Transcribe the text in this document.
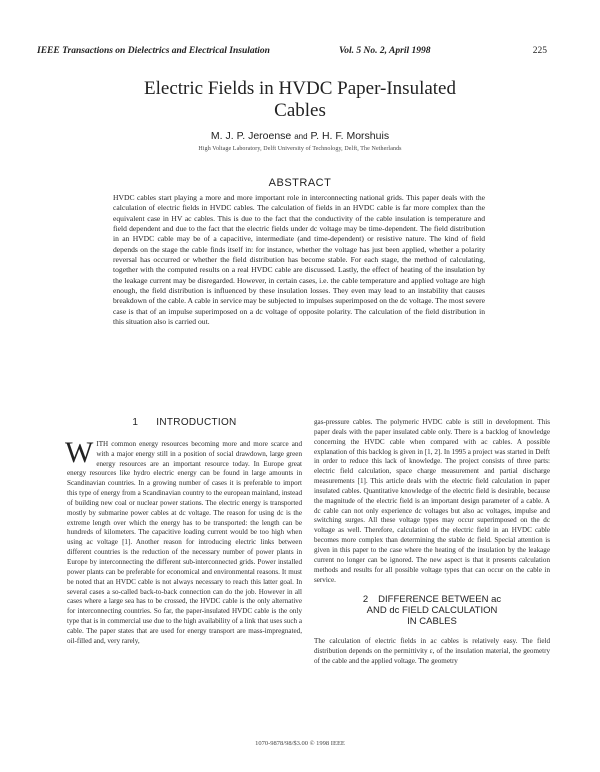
IEEE Transactions on Dielectrics and Electrical Insulation	Vol. 5 No. 2, April 1998	225
Electric Fields in HVDC Paper-Insulated
Cables
M. J. P. Jeroense and P. H. F. Morshuis
High Voltage Laboratory, Delft University of Technology, Delft, The Netherlands
ABSTRACT
HVDC cables start playing a more and more important role in interconnecting national grids. This paper deals with the calculation of electric fields in HVDC cables. The calculation of fields in an HVDC cable is far more complex than the equivalent case in HV ac cables. This is due to the fact that the conductivity of the cable insulation is temperature and field dependent and due to the fact that the electric fields under dc voltage may be time-dependent. The field distribution in an HVDC cable may be of a capacitive, intermediate (and time-dependent) or resistive nature. The kind of field depends on the stage the cable finds itself in: for instance, whether the voltage has just been applied, whether a polarity reversal has occurred or whether the field distribution has become stable. For each stage, the method of calculating, together with the computed results on a real HVDC cable are discussed. Lastly, the effect of heating of the insulation by the leakage current may be disregarded. However, in certain cases, i.e. the cable temperature and applied voltage are high enough, the field distribution is influenced by these insulation losses. They even may lead to an instability that causes breakdown of the cable. A cable in service may be subjected to impulses superimposed on the dc voltage. The most severe case is that of an impulse superimposed on a dc voltage of opposite polarity. The calculation of the field distribution in this situation also is carried out.
1 INTRODUCTION

WITH common energy resources becoming more and more scarce and with a major energy still in a position of social drawdown, large green energy resources are an important resource today. In Europe great energy resources like hydro electric energy can be found in large amounts in Scandinavian countries. In a growing number of cases it is preferable to import this type of energy from a Scandinavian country to the european mainland, instead of building new coal or nuclear power stations. The electric energy is transported mostly by submarine power cables at dc voltage. The reason for using dc is the extreme length over which the energy has to be transported: the length can be hundreds of kilometers. The capacitive loading current would be too high when using ac voltage [1]. Another reason for introducing electric links between different countries is the reduction of the necessary number of power plants in Europe by interconnecting the different sub-interconnected grids. Power installed power plants can be preferable for economical and environmental reasons. It must be noted that an HVDC cable is not always necessary to reach this latter goal. In several cases a so-called back-to-back connection can do the job. However in all cases where a large sea has to be crossed, the HVDC cable is the only alternative for interconnecting countries. So far, the paper-insulated HVDC cable is the only type that is in commercial use due to the high availability of a link that uses such a cable. The paper states that are used for energy transport are mass-impregnated, oil-filled and, very rarely,

gas-pressure cables. The polymeric HVDC cable is still in development. This paper deals with the paper insulated cable only. There is a backlog of knowledge concerning the HVDC cable when compared with ac cables. A possible explanation of this backlog is given in [1, 2]. In 1995 a project was started in Delft in order to reduce this lack of knowledge. The project consists of three parts: electric field calculation, space charge measurement and partial discharge measurements [1]. This article deals with the electric field calculation in paper insulated cables. Quantitative knowledge of the electric field is desirable, because the magnitude of the electric field is an important design parameter of a cable. A dc cable can not only experience dc voltages but also ac voltages, impulse and switching surges. All these voltage types may occur superimposed on the dc voltage as well. Therefore, calculation of the electric field in an HVDC cable becomes more complex than determining the stable dc field. Special attention is given in this paper to the case where the heating of the insulation by the leakage current no longer can be ignored. The new aspect is that it presents calculation methods and results for all possible voltage types that can occur on the cable in service.

2 DIFFERENCE BETWEEN ac
AND dc FIELD CALCULATION
IN CABLES

The calculation of electric fields in ac cables is relatively easy. The field distribution depends on the permittivity ε, of the insulation material, the geometry of the cable and the applied voltage. The geometry

1070-9878/98/$3.00 © 1998 IEEE
